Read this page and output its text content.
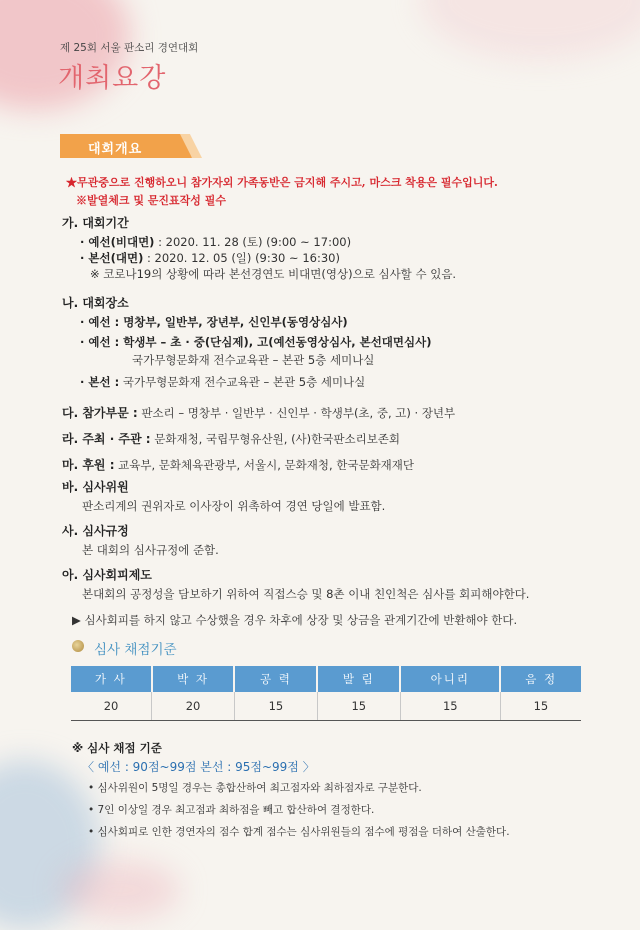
제 25회 서울 판소리 경연대회
개최요강
대회개요
★무관중으로 진행하오니 참가자외 가족동반은 금지해 주시고, 마스크 착용은 필수입니다.
※발열체크 및 문진표작성 필수
가. 대회기간
· 예선(비대면) : 2020. 11. 28 (토) (9:00 ~ 17:00)
· 본선(대면) : 2020. 12. 05 (일) (9:30 ~ 16:30)
※ 코로나19의 상황에 따라 본선경연도 비대면(영상)으로 심사할 수 있음.
나. 대회장소
· 예선 : 명창부, 일반부, 장년부, 신인부(동영상심사)
· 예선 : 학생부 – 초 · 중(단심제), 고(예선동영상심사, 본선대면심사)
국가무형문화재 전수교육관 – 본관 5층 세미나실
· 본선 : 국가무형문화재 전수교육관 – 본관 5층 세미나실
다. 참가부문 : 판소리 – 명창부 · 일반부 · 신인부 · 학생부(초, 중, 고) · 장년부
라. 주최 · 주관 : 문화재청, 국립무형유산원, (사)한국판소리보존회
마. 후원 : 교육부, 문화체육관광부, 서울시, 문화재청, 한국문화재재단
바. 심사위원
판소리계의 권위자로 이사장이 위촉하여 경연 당일에 발표함.
사. 심사규정
본 대회의 심사규정에 준함.
아. 심사회피제도
본대회의 공정성을 담보하기 위하여 직접스승 및 8촌 이내 친인척은 심사를 회피해야한다.
▶ 심사회피를 하지 않고 수상했을 경우 차후에 상장 및 상금을 관계기간에 반환해야 한다.
심사 채점기준
가 사	박 자	공 력	발 림	아니리	음 정
20	20	15	15	15	15
※ 심사 채점 기준
〈 예선 : 90점~99점 본선 : 95점~99점 〉
• 심사위원이 5명일 경우는 총합산하여 최고점자와 최하점자로 구분한다.
• 7인 이상일 경우 최고점과 최하점을 빼고 합산하여 결정한다.
• 심사회피로 인한 경연자의 점수 합계 점수는 심사위원들의 점수에 평점을 더하여 산출한다.
